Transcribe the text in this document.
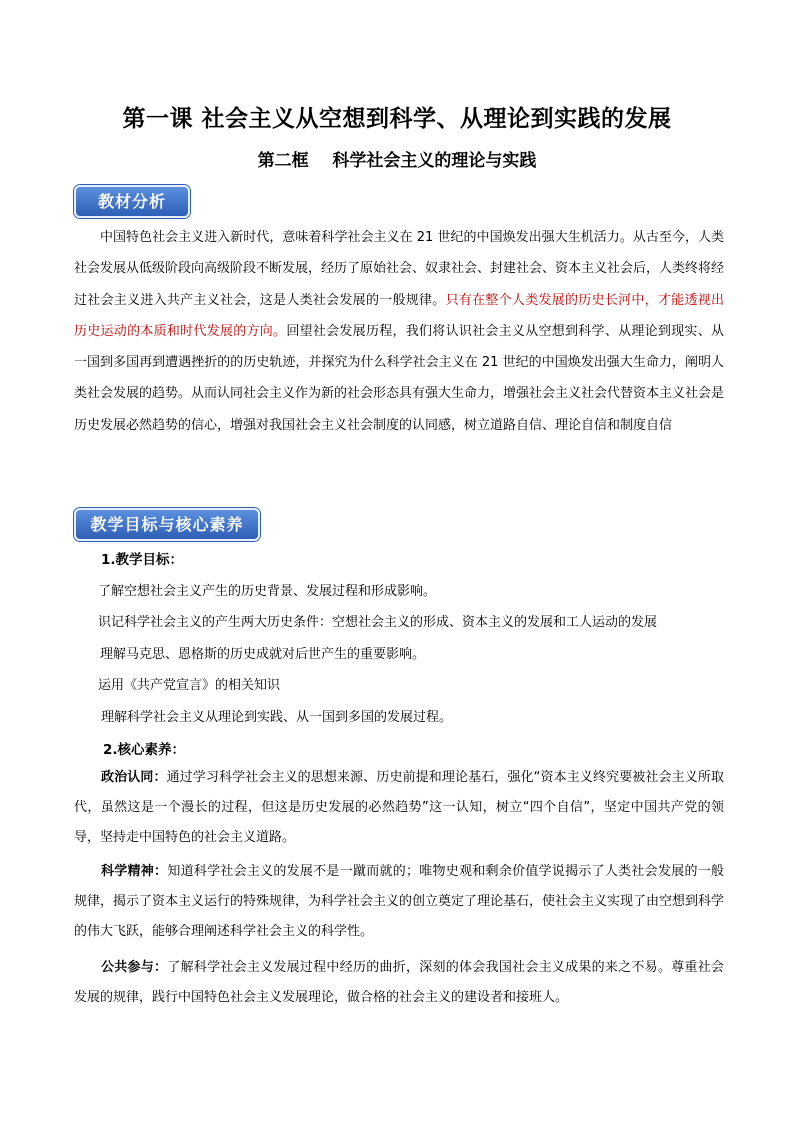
第一课 社会主义从空想到科学、从理论到实践的发展
第二框    科学社会主义的理论与实践
教材分析
中国特色社会主义进入新时代，意味着科学社会主义在 21 世纪的中国焕发出强大生机活力。从古至今，人类社会发展从低级阶段向高级阶段不断发展，经历了原始社会、奴隶社会、封建社会、资本主义社会后，人类终将经过社会主义进入共产主义社会，这是人类社会发展的一般规律。只有在整个人类发展的历史长河中，才能透视出历史运动的本质和时代发展的方向。回望社会发展历程，我们将认识社会主义从空想到科学、从理论到现实、从一国到多国再到遭遇挫折的的历史轨迹，并探究为什么科学社会主义在 21 世纪的中国焕发出强大生命力，阐明人类社会发展的趋势。从而认同社会主义作为新的社会形态具有强大生命力，增强社会主义社会代替资本主义社会是历史发展必然趋势的信心，增强对我国社会主义社会制度的认同感，树立道路自信、理论自信和制度自信
教学目标与核心素养
1.教学目标：
了解空想社会主义产生的历史背景、发展过程和形成影响。
识记科学社会主义的产生两大历史条件：空想社会主义的形成、资本主义的发展和工人运动的发展
理解马克思、恩格斯的历史成就对后世产生的重要影响。
运用《共产党宣言》的相关知识
理解科学社会主义从理论到实践、从一国到多国的发展过程。
2.核心素养：
政治认同：通过学习科学社会主义的思想来源、历史前提和理论基石，强化“资本主义终究要被社会主义所取代，虽然这是一个漫长的过程，但这是历史发展的必然趋势”这一认知，树立“四个自信”，坚定中国共产党的领导，坚持走中国特色的社会主义道路。
科学精神：知道科学社会主义的发展不是一蹴而就的；唯物史观和剩余价值学说揭示了人类社会发展的一般规律，揭示了资本主义运行的特殊规律，为科学社会主义的创立奠定了理论基石，使社会主义实现了由空想到科学的伟大飞跃，能够合理阐述科学社会主义的科学性。
公共参与：了解科学社会主义发展过程中经历的曲折，深刻的体会我国社会主义成果的来之不易。尊重社会发展的规律，践行中国特色社会主义发展理论，做合格的社会主义的建设者和接班人。
